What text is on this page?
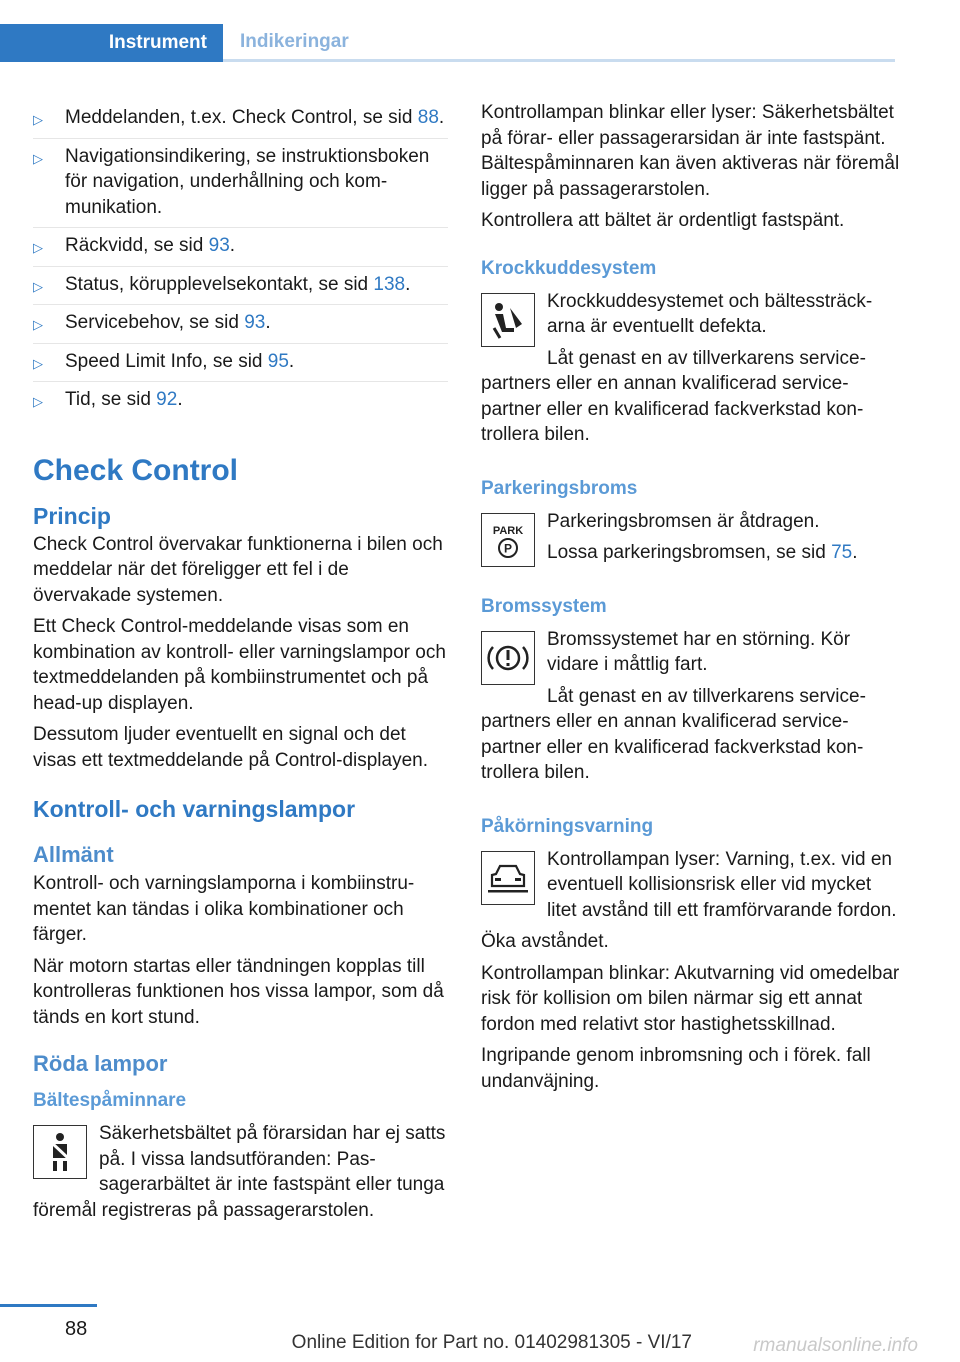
Instrument	Indikeringar
▷ Meddelanden, t.ex. Check Control, se sid 88.
▷ Navigationsindikering, se instruktionsboken för navigation, underhållning och kommunikation.
▷ Räckvidd, se sid 93.
▷ Status, körupplevelsekontakt, se sid 138.
▷ Servicebehov, se sid 93.
▷ Speed Limit Info, se sid 95.
▷ Tid, se sid 92.
Check Control
Princip

Check Control övervakar funktionerna i bilen och meddelar när det föreligger ett fel i de övervakade systemen.

Ett Check Control-meddelande visas som en kombination av kontroll- eller varningslampor och textmeddelanden på kombiinstrumentet och på head-up displayen.

Dessutom ljuder eventuellt en signal och det visas ett textmeddelande på Control-displayen.

Kontroll- och varningslampor
Allmänt

Kontroll- och varningslamporna i kombiinstrumentet kan tändas i olika kombinationer och färger.

När motorn startas eller tändningen kopplas till kontrolleras funktionen hos vissa lampor, som då tänds en kort stund.

Röda lampor
Bältespåminnare
Säkerhetsbältet på förarsidan har ej satts på. I vissa landsutföranden: Passagerarbältet är inte fastspänt eller tunga föremål registreras på passagerarstolen.

Kontrollampan blinkar eller lyser: Säkerhetsbältet på förar- eller passagerarsidan är inte fastspänt. Bältespåminnaren kan även aktiveras när föremål ligger på passagerarstolen.

Kontrollera att bältet är ordentligt fastspänt.

Krockkuddesystem

Krockkuddesystemet och bältessträckarna är eventuellt defekta.

Låt genast en av tillverkarens servicepartners eller en annan kvalificerad servicepartner eller en kvalificerad fackverkstad kontrollera bilen.

Parkeringsbroms
PARK
P

Parkeringsbromsen är åtdragen.

Lossa parkeringsbromsen, se sid 75.

Bromssystem

Bromssystemet har en störning. Kör vidare i måttlig fart.

Låt genast en av tillverkarens servicepartners eller en annan kvalificerad servicepartner eller en kvalificerad fackverkstad kontrollera bilen.

Påkörningsvarning
Kontrollampan lyser: Varning, t.ex. vid en eventuell kollisionsrisk eller vid mycket litet avstånd till ett framförvarande fordon.

Öka avståndet.

Kontrollampan blinkar: Akutvarning vid omedelbar risk för kollision om bilen närmar sig ett annat fordon med relativt stor hastighetsskillnad.

Ingripande genom inbromsning och i förek. fall undanväjning.

88
Online Edition for Part no. 01402981305 - VI/17	rmanualsonline.info
